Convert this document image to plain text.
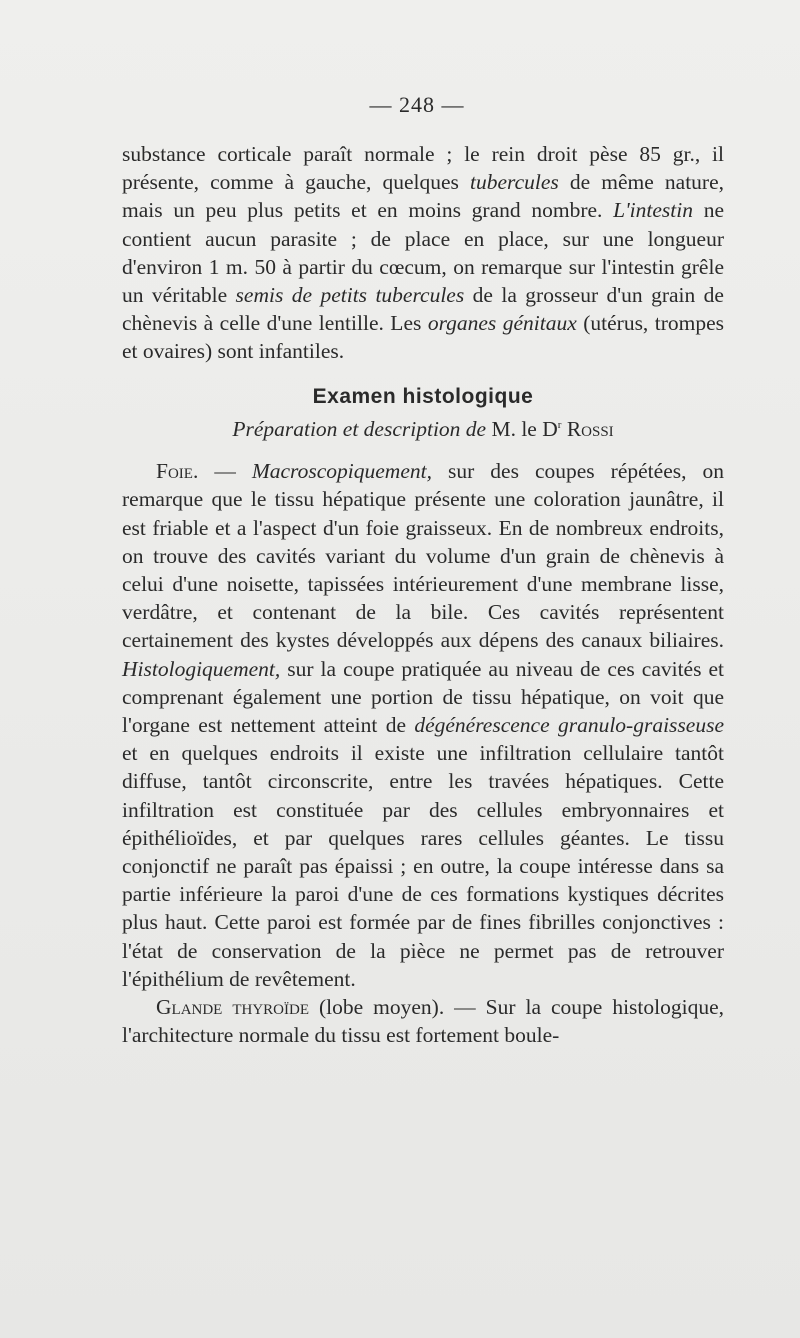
— 248 —

substance corticale paraît normale ; le rein droit pèse 85 gr., il présente, comme à gauche, quelques tubercules de même nature, mais un peu plus petits et en moins grand nombre. L'intestin ne contient aucun parasite ; de place en place, sur une longueur d'environ 1 m. 50 à partir du cœcum, on remarque sur l'intestin grêle un véritable semis de petits tubercules de la grosseur d'un grain de chènevis à celle d'une lentille. Les organes génitaux (utérus, trompes et ovaires) sont infantiles.

Examen histologique

Préparation et description de M. le $D^r$ Rossi

Foie. — Macroscopiquement, sur des coupes répétées, on remarque que le tissu hépatique présente une coloration jaunâtre, il est friable et a l'aspect d'un foie graisseux. En de nombreux endroits, on trouve des cavités variant du volume d'un grain de chènevis à celui d'une noisette, tapissées intérieurement d'une membrane lisse, verdâtre, et contenant de la bile. Ces cavités représentent certainement des kystes développés aux dépens des canaux biliaires. Histologiquement, sur la coupe pratiquée au niveau de ces cavités et comprenant également une portion de tissu hépatique, on voit que l'organe est nettement atteint de dégénérescence granulo-graisseuse et en quelques endroits il existe une infiltration cellulaire tantôt diffuse, tantôt circonscrite, entre les travées hépatiques. Cette infiltration est constituée par des cellules embryonnaires et épithélioïdes, et par quelques rares cellules géantes. Le tissu conjonctif ne paraît pas épaissi ; en outre, la coupe intéresse dans sa partie inférieure la paroi d'une de ces formations kystiques décrites plus haut. Cette paroi est formée par de fines fibrilles conjonctives : l'état de conservation de la pièce ne permet pas de retrouver l'épithélium de revêtement.

Glande thyroïde (lobe moyen). — Sur la coupe histologique, l'architecture normale du tissu est fortement boule-
